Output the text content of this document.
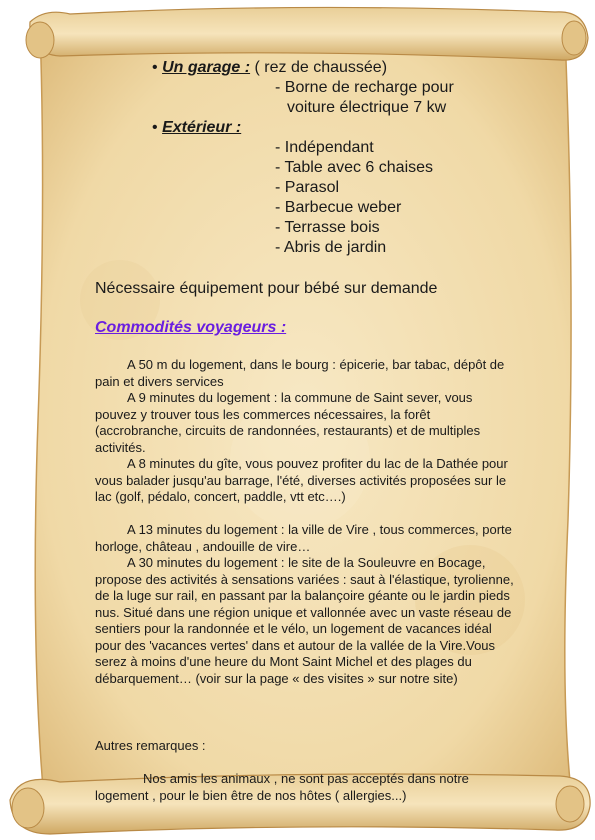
• Un garage : ( rez de chaussée)
- Borne de recharge pour
voiture électrique 7 kw
• Extérieur :
- Indépendant
- Table avec 6 chaises
- Parasol
- Barbecue weber
- Terrasse bois
- Abris de jardin
Nécessaire équipement pour bébé sur demande
Commodités voyageurs :
A 50 m du logement, dans le bourg : épicerie, bar tabac, dépôt de pain et divers services
A 9 minutes du logement : la commune de Saint sever, vous pouvez y trouver tous les commerces nécessaires, la forêt (accrobranche, circuits de randonnées, restaurants) et de multiples activités.
A 8 minutes du gîte, vous pouvez profiter du lac de la Dathée pour vous balader jusqu'au barrage, l'été, diverses activités proposées sur le lac (golf, pédalo, concert, paddle, vtt etc….)
A 13 minutes du logement : la ville de Vire , tous commerces, porte horloge, château , andouille de vire…
A 30 minutes du logement : le site de la Souleuvre en Bocage, propose des activités à sensations variées : saut à l'élastique, tyrolienne, de la luge sur rail, en passant par la balançoire géante ou le jardin pieds nus. Situé dans une région unique et vallonnée avec un vaste réseau de sentiers pour la randonnée et le vélo, un logement de vacances idéal pour des 'vacances vertes' dans et autour de la vallée de la Vire.Vous serez à moins d'une heure du Mont Saint Michel et des plages du débarquement… (voir sur la page « des visites » sur notre site)
Autres remarques :
Nos amis les animaux , ne sont pas acceptés dans notre logement , pour le bien être de nos hôtes ( allergies...)
